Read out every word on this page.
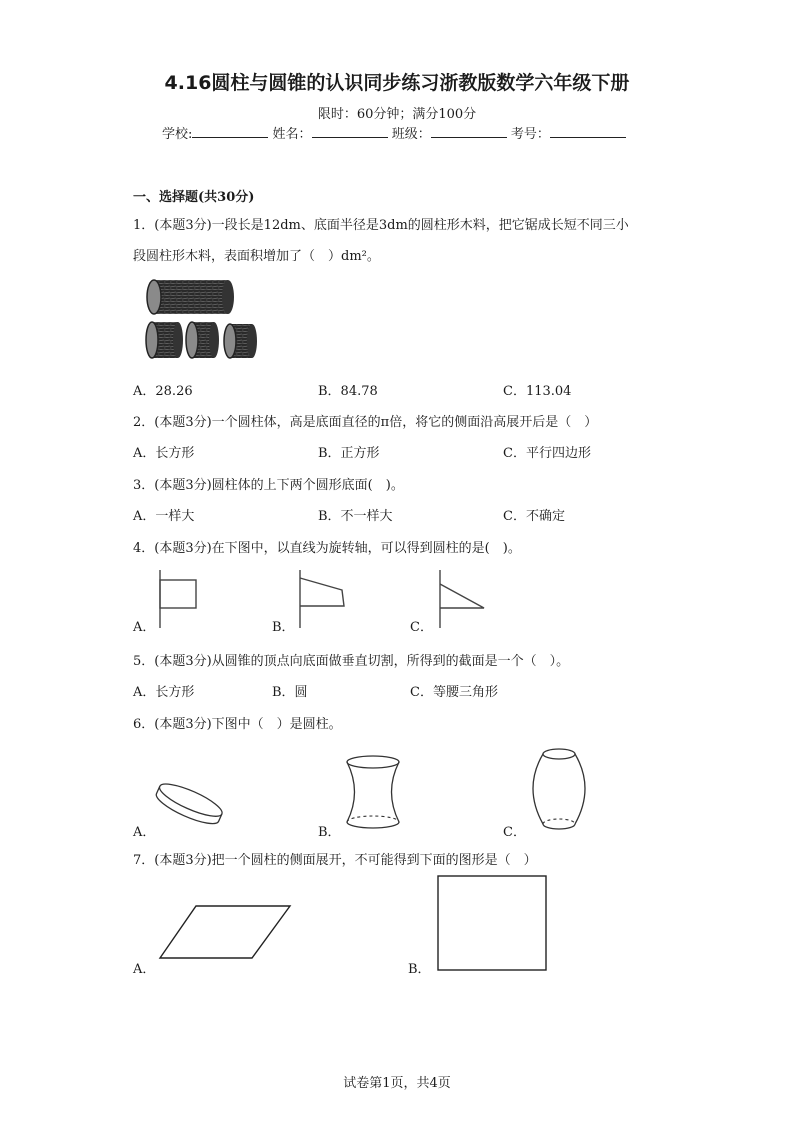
4.16圆柱与圆锥的认识同步练习浙教版数学六年级下册
限时：60分钟；满分100分
学校:	姓名：	班级：	考号：
一、选择题(共30分)
1．(本题3分)一段长是12dm、底面半径是3dm的圆柱形木料，把它锯成长短不同三小
段圆柱形木料，表面积增加了（　）dm²。
A．28.26	B．84.78	C．113.04
2．(本题3分)一个圆柱体，高是底面直径的π倍，将它的侧面沿高展开后是（　）
A．长方形	B．正方形	C．平行四边形
3．(本题3分)圆柱体的上下两个圆形底面(　)。
A．一样大	B．不一样大	C．不确定
4．(本题3分)在下图中，以直线为旋转轴，可以得到圆柱的是(　)。
A．	B．	C．
5．(本题3分)从圆锥的顶点向底面做垂直切割，所得到的截面是一个（　）。
A．长方形	B．圆	C．等腰三角形
6．(本题3分)下图中（　）是圆柱。
A．	B．	C．
7．(本题3分)把一个圆柱的侧面展开，不可能得到下面的图形是（　）
A．	B．
试卷第1页，共4页
